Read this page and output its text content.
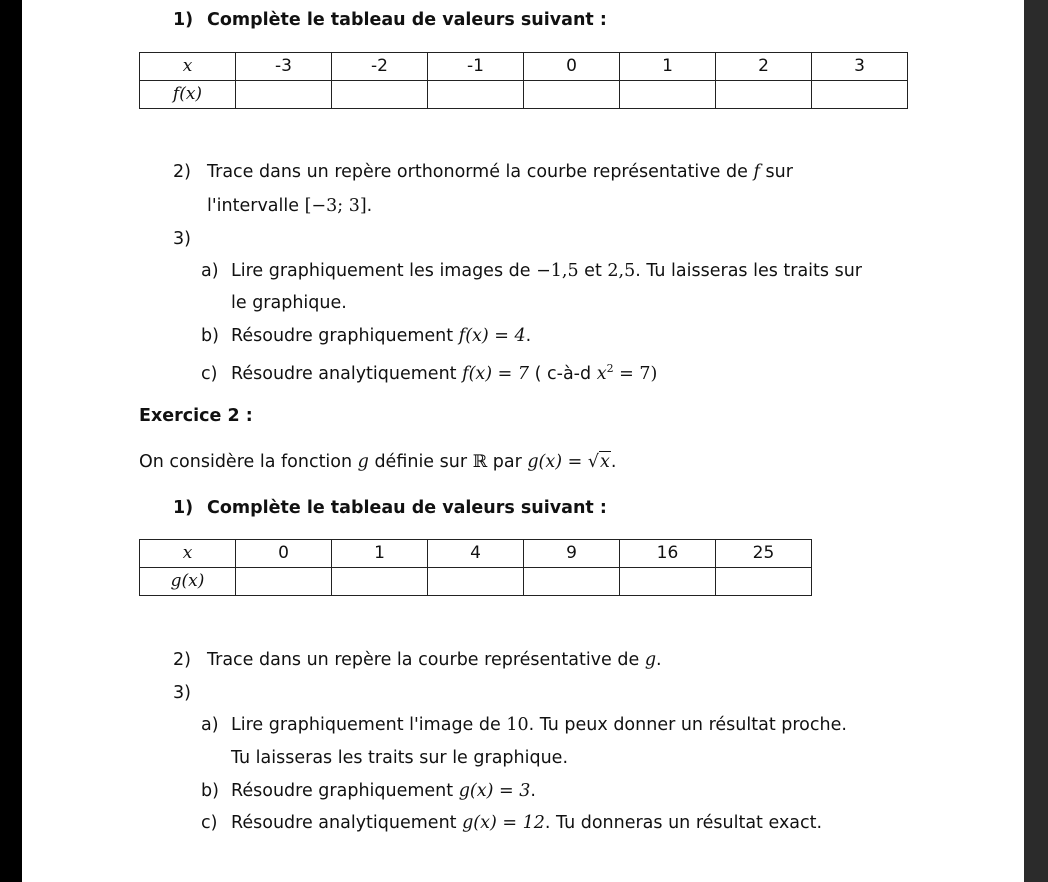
1) Complète le tableau de valeurs suivant :
x	-3	-2	-1	0	1	2	3
f(x)							
2) Trace dans un repère orthonormé la courbe représentative de f sur
l'intervalle [−3; 3].
3)
a) Lire graphiquement les images de −1,5 et 2,5. Tu laisseras les traits sur
le graphique.
b) Résoudre graphiquement f(x) = 4.
c) Résoudre analytiquement f(x) = 7 ( c-à-d $x^2 = 7$)
Exercice 2 :
On considère la fonction g définie sur ℝ par g(x) = √x.
1) Complète le tableau de valeurs suivant :
x	0	1	4	9	16	25
g(x)						
2) Trace dans un repère la courbe représentative de g.
3)
a) Lire graphiquement l'image de 10. Tu peux donner un résultat proche.
Tu laisseras les traits sur le graphique.
b) Résoudre graphiquement g(x) = 3.
c) Résoudre analytiquement g(x) = 12. Tu donneras un résultat exact.
